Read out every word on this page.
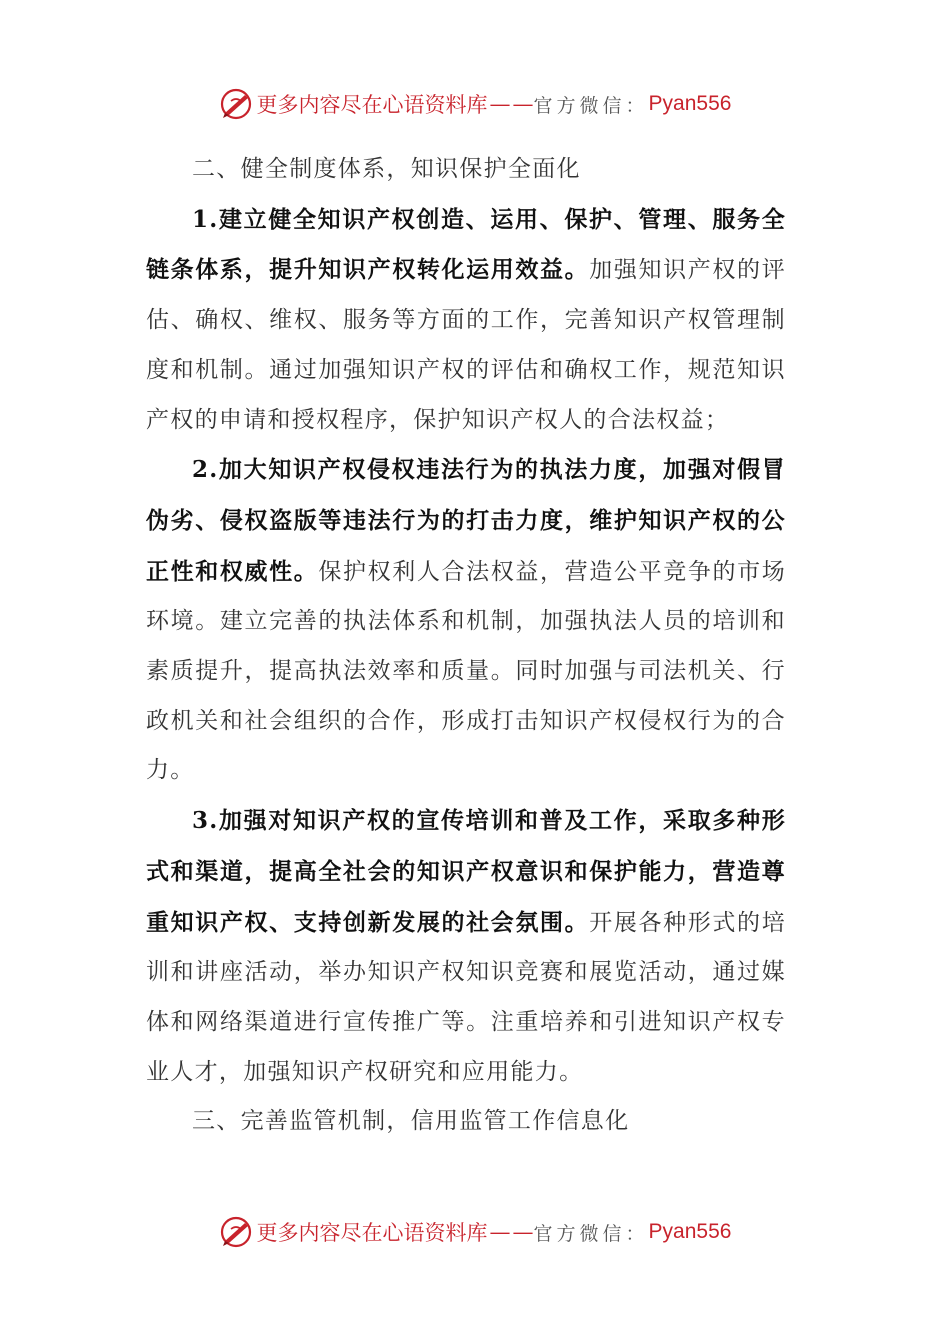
更多内容尽在心语资料库 — — 官方微信： Pyan556

二、健全制度体系，知识保护全面化

1.建立健全知识产权创造、运用、保护、管理、服务全链条体系，提升知识产权转化运用效益。加强知识产权的评估、确权、维权、服务等方面的工作，完善知识产权管理制度和机制。通过加强知识产权的评估和确权工作，规范知识产权的申请和授权程序，保护知识产权人的合法权益；

2.加大知识产权侵权违法行为的执法力度，加强对假冒伪劣、侵权盗版等违法行为的打击力度，维护知识产权的公正性和权威性。保护权利人合法权益，营造公平竞争的市场环境。建立完善的执法体系和机制，加强执法人员的培训和素质提升，提高执法效率和质量。同时加强与司法机关、行政机关和社会组织的合作，形成打击知识产权侵权行为的合力。

3.加强对知识产权的宣传培训和普及工作，采取多种形式和渠道，提高全社会的知识产权意识和保护能力，营造尊重知识产权、支持创新发展的社会氛围。开展各种形式的培训和讲座活动，举办知识产权知识竞赛和展览活动，通过媒体和网络渠道进行宣传推广等。注重培养和引进知识产权专业人才，加强知识产权研究和应用能力。

三、完善监管机制，信用监管工作信息化

更多内容尽在心语资料库 — — 官方微信： Pyan556
